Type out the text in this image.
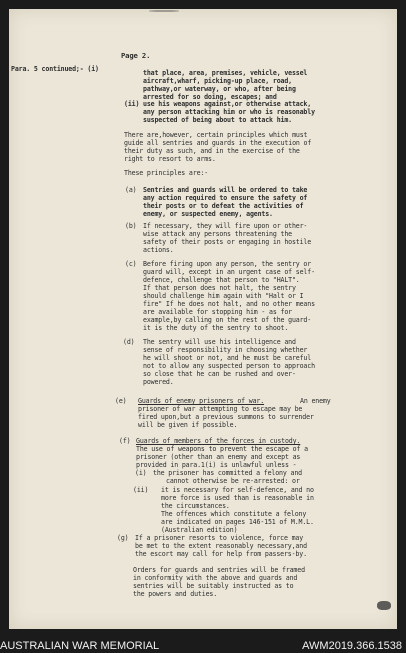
Page 2.
Para. 5 continued;- (i)	that place, area, premises, vehicle, vessel
aircraft,wharf, picking-up place, road,
pathway,or waterway, or who, after being
arrested for so doing, escapes; and
(ii) use his weapons against,or otherwise attack,
any person attacking him or who is reasonably
suspected of being about to attack him.
There are,however, certain principles which must
guide all sentries and guards in the execution of
their duty as such, and in the exercise of the
right to resort to arms.
These principles are:-
(a) Sentries and guards will be ordered to take
any action required to ensure the safety of
their posts or to defeat the activities of
enemy, or suspected enemy, agents.
(b) If necessary, they will fire upon or other-
wise attack any persons threatening the
safety of their posts or engaging in hostile
actions.
(c) Before firing upon any person, the sentry or
guard will, except in an urgent case of self-
defence, challenge that person to "HALT".
If that person does not halt, the sentry
should challenge him again with "Halt or I
fire" If he does not halt, and no other means
are available for stopping him - as for
example,by calling on the rest of the guard-
it is the duty of the sentry to shoot.
(d) The sentry will use his intelligence and
sense of responsibility in choosing whether
he will shoot or not, and he must be careful
not to allow any suspected person to approach
so close that he can be rushed and over-
powered.
(e) Guards of enemy prisoners of war.	An enemy
prisoner of war attempting to escape may be
fired upon,but a previous summons to surrender
will be given if possible.
(f) Guards of members of the forces in custody.
The use of weapons to prevent the escape of a
prisoner (other than an enemy and except as
provided in para.1(i) is unlawful unless -
(i) the prisoner has committed a felony and
cannot otherwise be re-arrested: or
(ii) it is necessary for self-defence, and no
more force is used than is reasonable in
the circumstances.
The offences which constitute a felony
are indicated on pages 146-151 of M.M.L.
(Australian edition)
(g) If a prisoner resorts to violence, force may
be met to the extent reasonably necessary,and
the escort may call for help from passers-by.
Orders for guards and sentries will be framed
in conformity with the above and guards and
sentries will be suitably instructed as to
the powers and duties.
AUSTRALIAN WAR MEMORIAL	AWM2019.366.1538
